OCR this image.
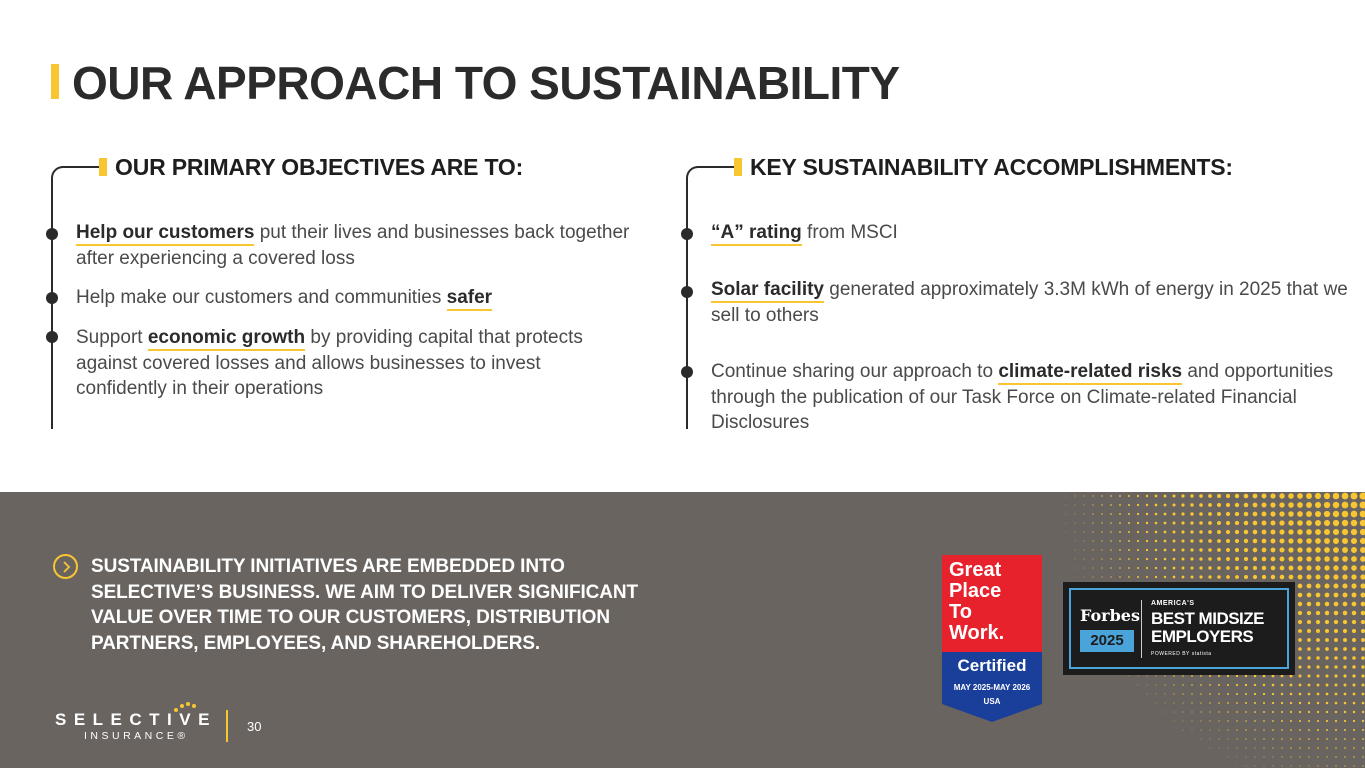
OUR APPROACH TO SUSTAINABILITY
OUR PRIMARY OBJECTIVES ARE TO:

Help our customers put their lives and businesses back together after experiencing a covered loss

Help make our customers and communities safer

Support economic growth by providing capital that protects against covered losses and allows businesses to invest confidently in their operations

KEY SUSTAINABILITY ACCOMPLISHMENTS:

“A” rating from MSCI

Solar facility generated approximately 3.3M kWh of energy in 2025 that we sell to others

Continue sharing our approach to climate-related risks and opportunities through the publication of our Task Force on Climate-related Financial Disclosures

SUSTAINABILITY INITIATIVES ARE EMBEDDED INTO SELECTIVE’S BUSINESS. WE AIM TO DELIVER SIGNIFICANT VALUE OVER TIME TO OUR CUSTOMERS, DISTRIBUTION PARTNERS, EMPLOYEES, AND SHAREHOLDERS.

SELECTIVE
INSURANCE®
30
Great
Place
To
Work.
Certified
MAY 2025-MAY 2026
USA
Forbes
2025
AMERICA'S
BEST MIDSIZE
EMPLOYERS
POWERED BY statista
